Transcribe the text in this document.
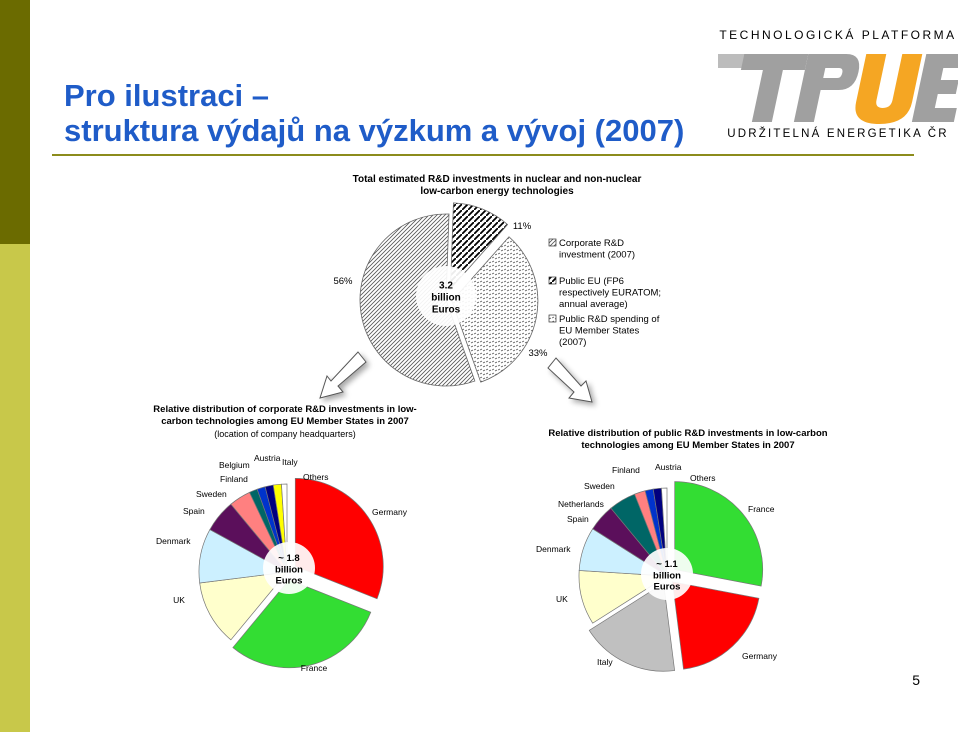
Pro ilustraci –
struktura výdajů na výzkum a vývoj (2007)
TECHNOLOGICKÁ PLATFORMA
UDRŽITELNÁ ENERGETIKA ČR
Total estimated R&D investments in nuclear and non-nuclear
low-carbon energy technologies
56%
11%
33%
3.2
billion
Euros
Corporate R&D
investment (2007)
Public EU (FP6
respectively EURATOM;
annual average)
Public R&D spending of
EU Member States
(2007)
Relative distribution of corporate R&D investments in low-
carbon technologies among EU Member States in 2007
(location of company headquarters)
~ 1.8
billion
Euros
Germany
France
UK
Denmark
Spain
Sweden
Finland
Belgium
Austria Italy
Others
Relative distribution of public R&D investments in low-carbon
technologies among EU Member States in 2007
~ 1.1
billion
Euros
France
Germany
Italy
UK
Denmark
Spain
Netherlands
Sweden
Finland Austria
Others
5
